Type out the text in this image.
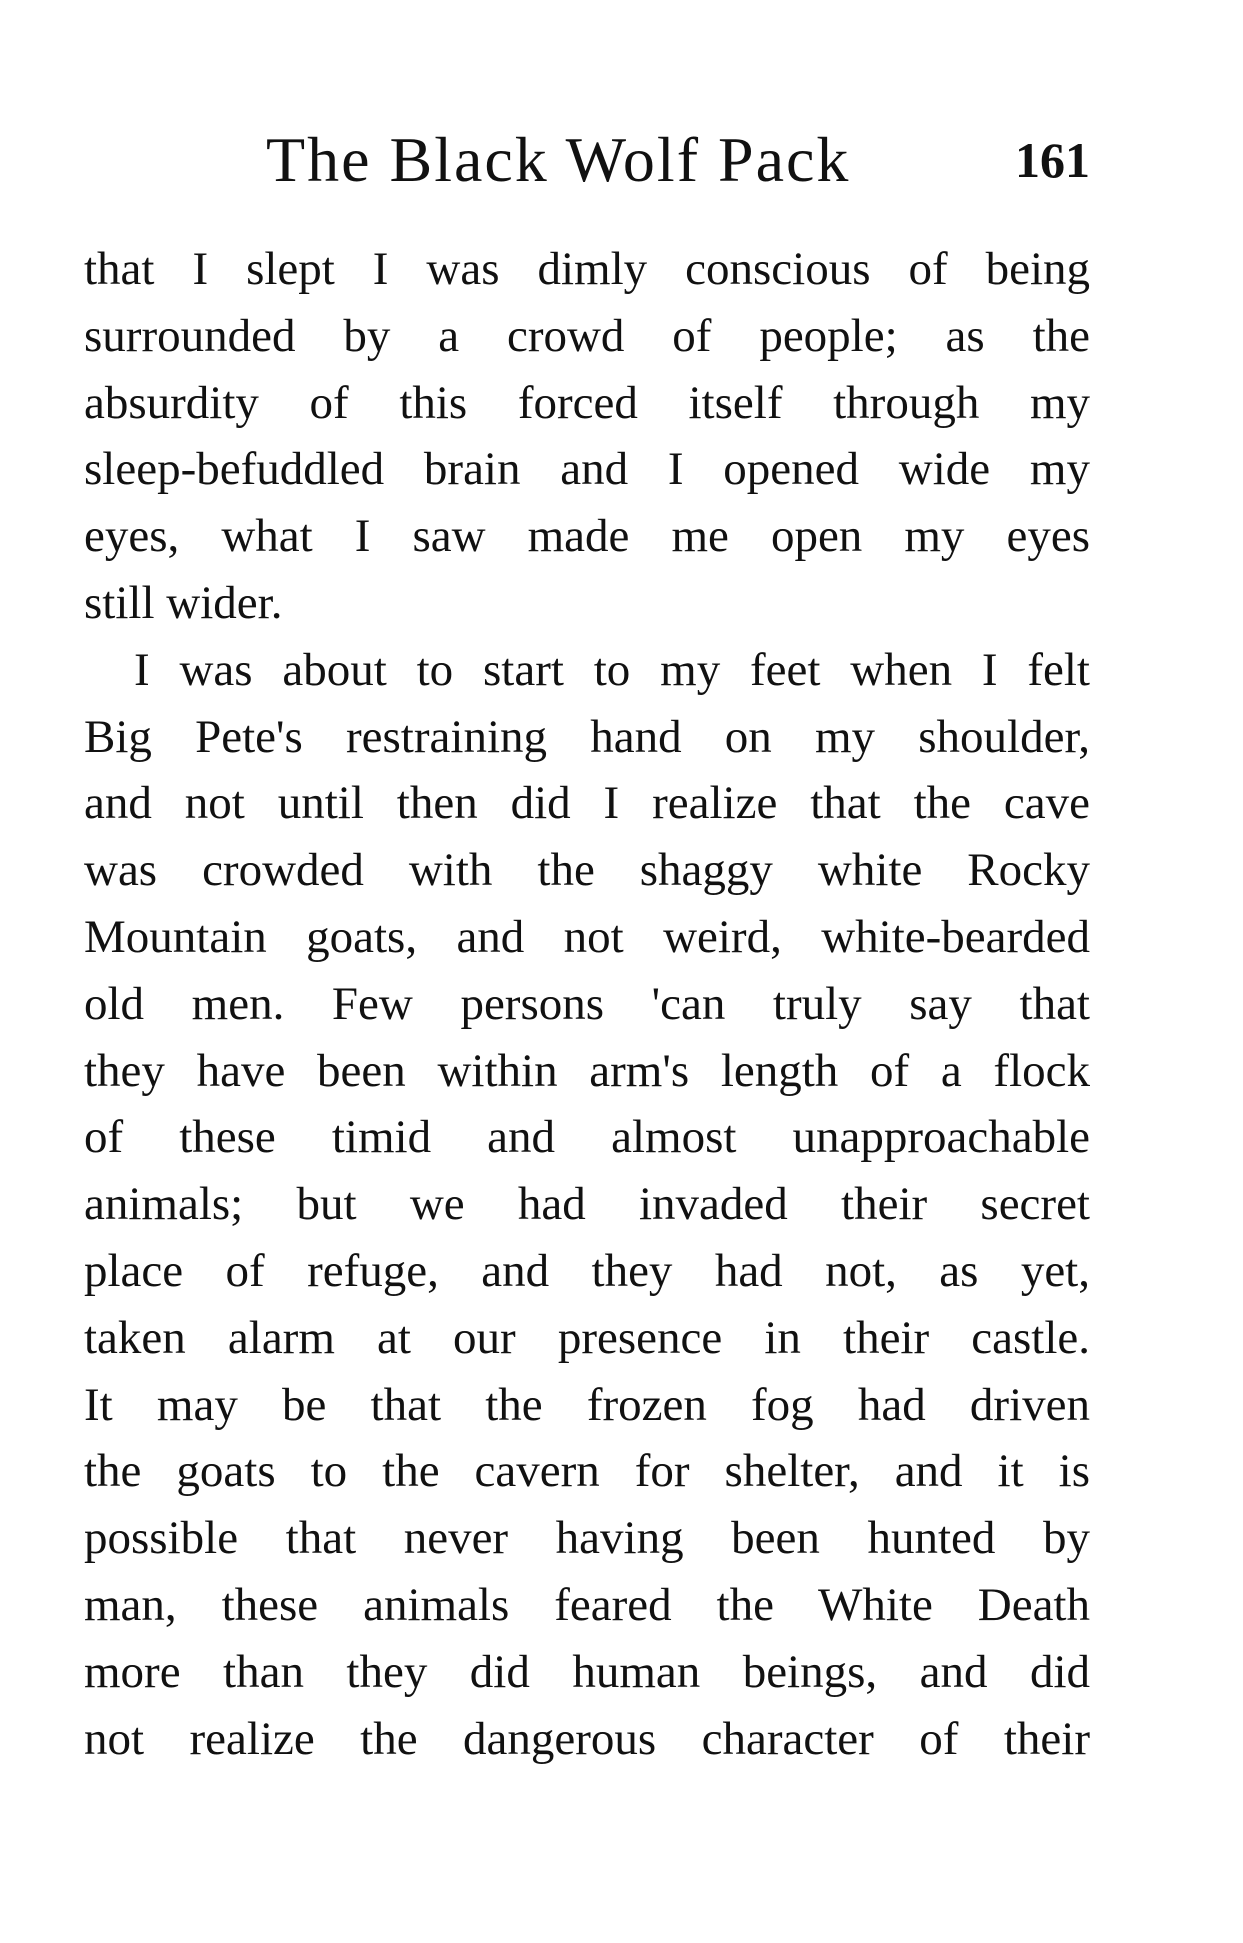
The Black Wolf Pack	161
that I slept I was dimly conscious of being
surrounded by a crowd of people; as the
absurdity of this forced itself through my
sleep-befuddled brain and I opened wide my
eyes, what I saw made me open my eyes
still wider.
I was about to start to my feet when I felt
Big Pete's restraining hand on my shoulder,
and not until then did I realize that the cave
was crowded with the shaggy white Rocky
Mountain goats, and not weird, white-bearded
old men. Few persons 'can truly say that
they have been within arm's length of a flock
of these timid and almost unapproachable
animals; but we had invaded their secret
place of refuge, and they had not, as yet,
taken alarm at our presence in their castle.
It may be that the frozen fog had driven
the goats to the cavern for shelter, and it is
possible that never having been hunted by
man, these animals feared the White Death
more than they did human beings, and did
not realize the dangerous character of their
